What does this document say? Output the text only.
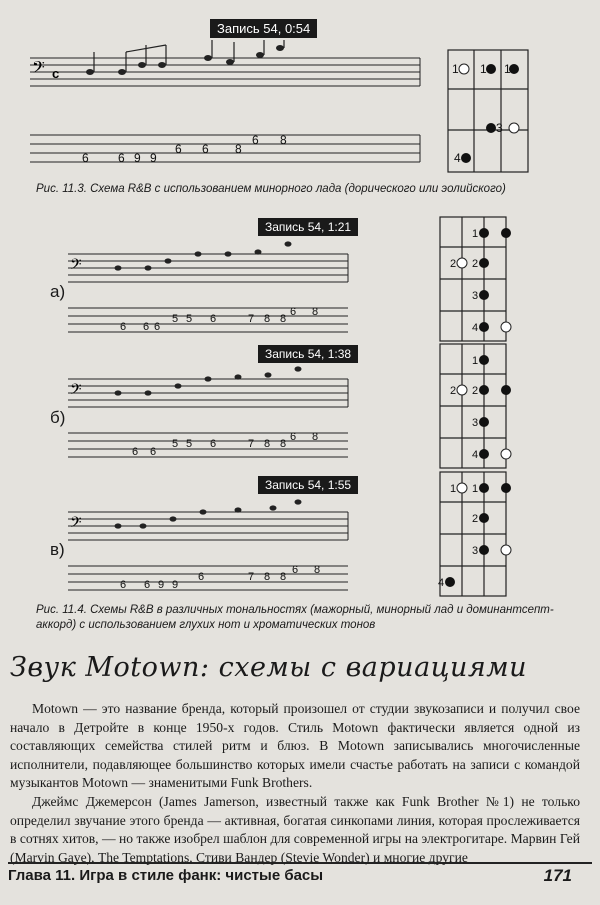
Запись 54, 0:54
𝄢 c
6 6 9 9
6 6 8
6 8
1 1 1
3
4
Рис. 11.3. Схема R&B с использованием минорного лада (дорического или эолийского)
Запись 54, 1:21
а)
𝄢
6 6 6
5 5 6	7 8 8
6 8
Запись 54, 1:38
б)
𝄢
6 6
5 5 6	7 8 8
6 8
Запись 54, 1:55
в)
𝄢
6 6 9 9
6	7 8 8
6 8
1
2 2
3
4
1
2 2
3
4
1 1
2
3
4
Рис. 11.4. Схемы R&B в различных тональностях (мажорный, минорный лад и доминантсепт-аккорд) с использованием глухих нот и хроматических тонов
Звук Motown: схемы с вариациями

Motown — это название бренда, который произошел от студии звукозаписи и получил свое начало в Детройте в конце 1950-х годов. Стиль Motown фактически является одной из составляющих семейства стилей ритм и блюз. В Motown записывались многочисленные исполнители, подавляющее большинство которых имели счастье работать на записи с командой музыкантов Motown — знаменитыми Funk Brothers.

Джеймс Джемерсон (James Jamerson, известный также как Funk Brother №1) не только определил звучание этого бренда — активная, богатая синкопами линия, которая прослеживается в сотнях хитов, — но также изобрел шаблон для современной игры на электрогитаре. Марвин Гей (Marvin Gaye), The Temptations, Стиви Вандер (Stevie Wonder) и многие другие

Глава 11. Игра в стиле фанк: чистые басы	171
